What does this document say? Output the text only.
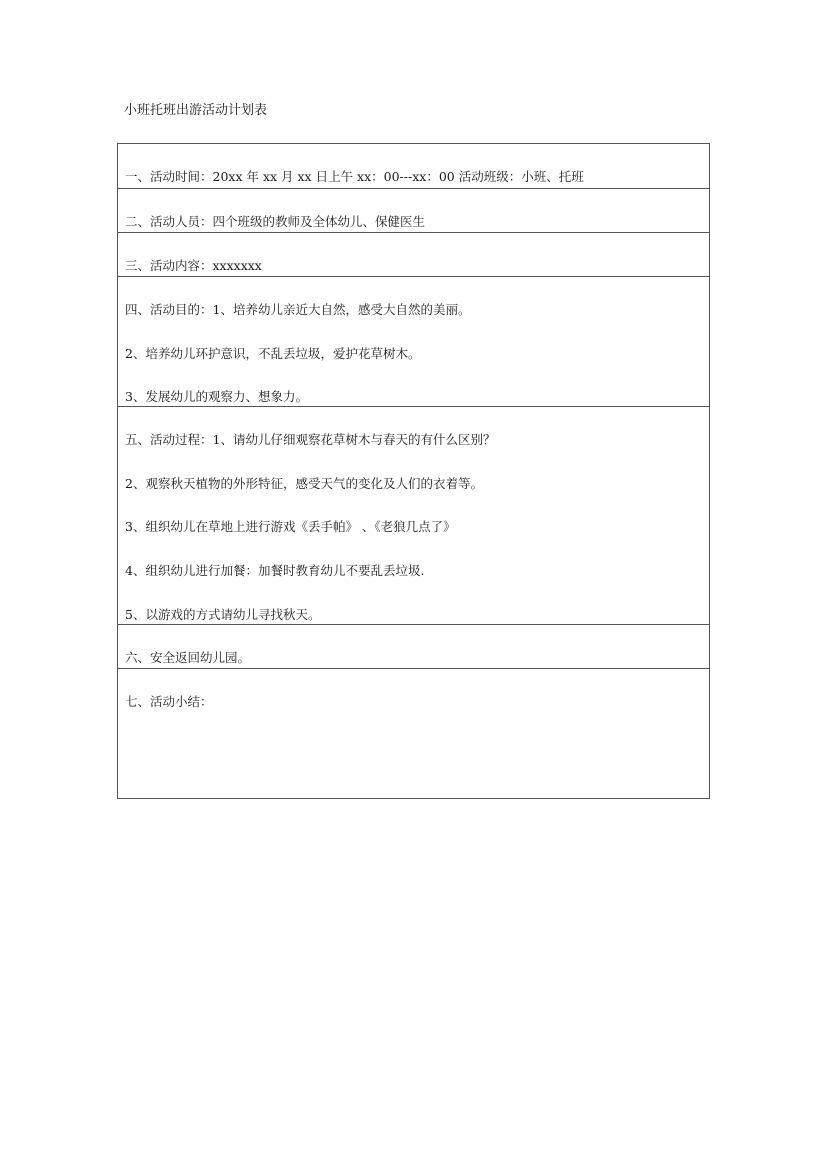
小班托班出游活动计划表
一、活动时间：20xx 年 xx 月 xx 日上午 xx：00---xx：00 活动班级：小班、托班
二、活动人员：四个班级的教师及全体幼儿、保健医生
三、活动内容：xxxxxxx
四、活动目的：1、培养幼儿亲近大自然，感受大自然的美丽。
2、培养幼儿环护意识，不乱丢垃圾，爱护花草树木。
3、发展幼儿的观察力、想象力。
五、活动过程：1、请幼儿仔细观察花草树木与春天的有什么区别？
2、观察秋天植物的外形特征，感受天气的变化及人们的衣着等。
3、组织幼儿在草地上进行游戏《丢手帕》 、《老狼几点了》
4、组织幼儿进行加餐：加餐时教育幼儿不要乱丢垃圾.
5、以游戏的方式请幼儿寻找秋天。
六、安全返回幼儿园。
七、活动小结：
